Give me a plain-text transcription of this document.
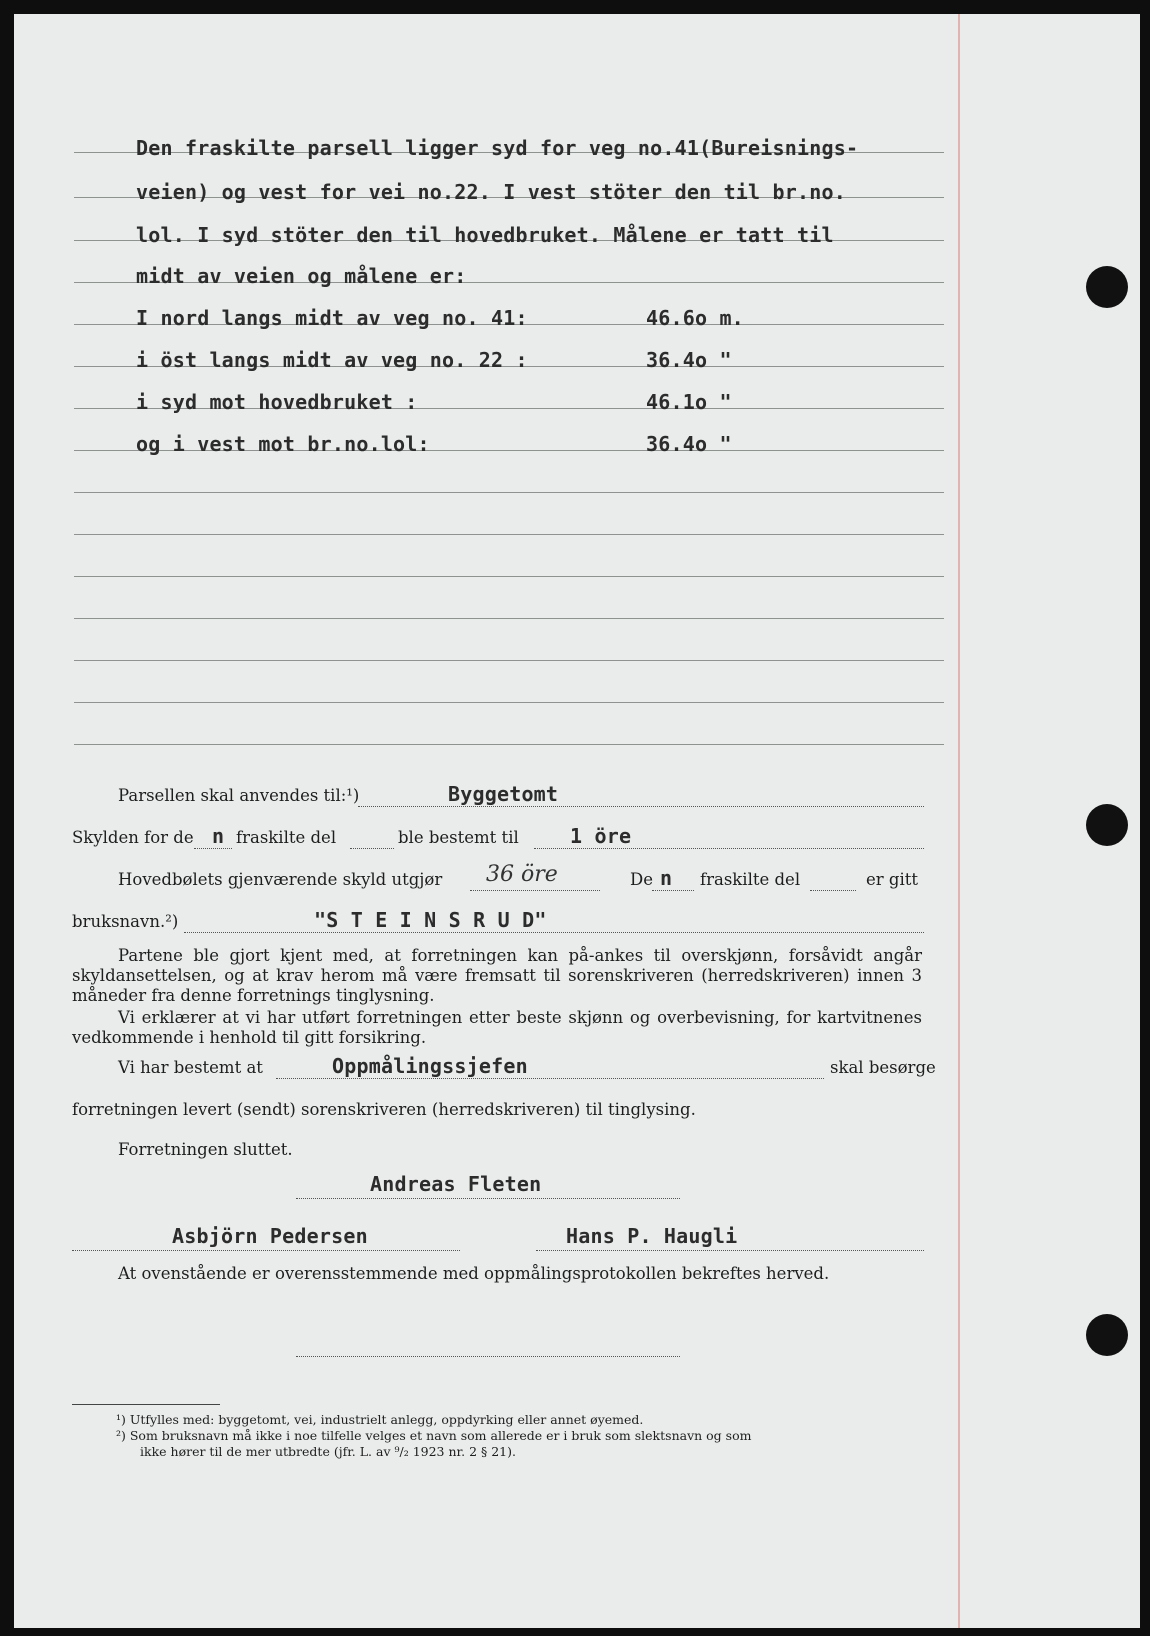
Den fraskilte parsell ligger syd for veg no.41(Bureisnings-
veien) og vest for vei no.22. I vest stöter den til br.no.
lol. I syd stöter den til hovedbruket. Målene er tatt til
midt av veien og målene er:
I nord langs midt av veg no. 41:	46.6o m.
i öst langs midt av veg no. 22 :	36.4o "
i syd mot hovedbruket :	46.1o "
og i vest mot br.no.lol:	36.4o "
Parsellen skal anvendes til:¹)	Byggetomt
Skylden for de n fraskilte del	ble bestemt til	1 öre
Hovedbølets gjenværende skyld utgjør 36 öre	De n fraskilte del	er gitt
bruksnavn.²)	"S T E I N S R U D"

Partene ble gjort kjent med, at forretningen kan på-ankes til overskjønn, forsåvidt angår skyldansettelsen, og at krav herom må være fremsatt til sorenskriveren (herredskriveren) innen 3 måneder fra denne forretnings tinglysning.

Vi erklærer at vi har utført forretningen etter beste skjønn og overbevisning, for kartvitnenes vedkommende i henhold til gitt forsikring.

Vi har bestemt at	Oppmålingssjefen	skal besørge
forretningen levert (sendt) sorenskriveren (herredskriveren) til tinglysing.
Forretningen sluttet.
Andreas Fleten
Asbjörn Pedersen	Hans P. Haugli
At ovenstående er overensstemmende med oppmålingsprotokollen bekreftes herved.
¹) Utfylles med: byggetomt, vei, industrielt anlegg, oppdyrking eller annet øyemed.
²) Som bruksnavn må ikke i noe tilfelle velges et navn som allerede er i bruk som slektsnavn og som
ikke hører til de mer utbredte (jfr. L. av ⁹/₂ 1923 nr. 2 § 21).
